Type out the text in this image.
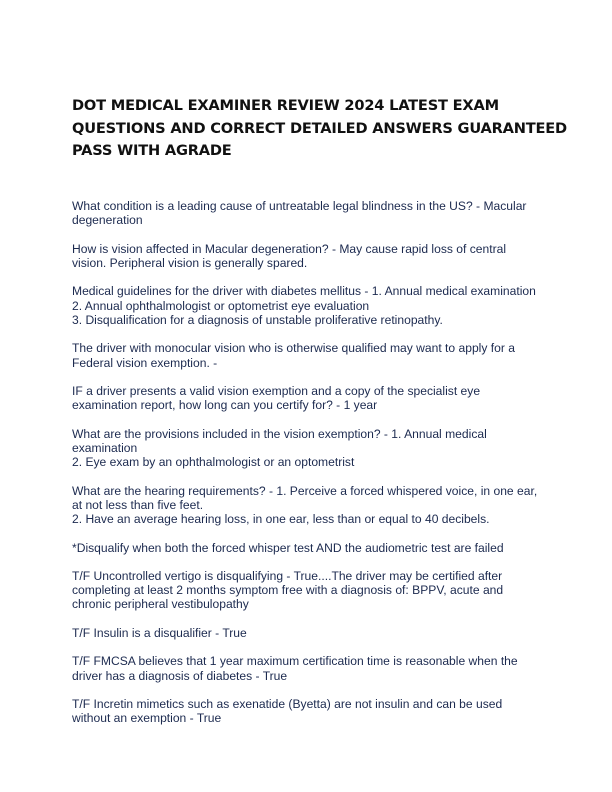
DOT MEDICAL EXAMINER REVIEW 2024 LATEST EXAM
QUESTIONS AND CORRECT DETAILED ANSWERS GUARANTEED
PASS WITH AGRADE
What condition is a leading cause of untreatable legal blindness in the US? - Macular
degeneration
How is vision affected in Macular degeneration? - May cause rapid loss of central
vision. Peripheral vision is generally spared.
Medical guidelines for the driver with diabetes mellitus - 1. Annual medical examination
2. Annual ophthalmologist or optometrist eye evaluation
3. Disqualification for a diagnosis of unstable proliferative retinopathy.
The driver with monocular vision who is otherwise qualified may want to apply for a
Federal vision exemption. -
IF a driver presents a valid vision exemption and a copy of the specialist eye
examination report, how long can you certify for? - 1 year
What are the provisions included in the vision exemption? - 1. Annual medical
examination
2. Eye exam by an ophthalmologist or an optometrist
What are the hearing requirements? - 1. Perceive a forced whispered voice, in one ear,
at not less than five feet.
2. Have an average hearing loss, in one ear, less than or equal to 40 decibels.
*Disqualify when both the forced whisper test AND the audiometric test are failed
T/F Uncontrolled vertigo is disqualifying - True....The driver may be certified after
completing at least 2 months symptom free with a diagnosis of: BPPV, acute and
chronic peripheral vestibulopathy
T/F Insulin is a disqualifier - True
T/F FMCSA believes that 1 year maximum certification time is reasonable when the
driver has a diagnosis of diabetes - True
T/F Incretin mimetics such as exenatide (Byetta) are not insulin and can be used
without an exemption - True
